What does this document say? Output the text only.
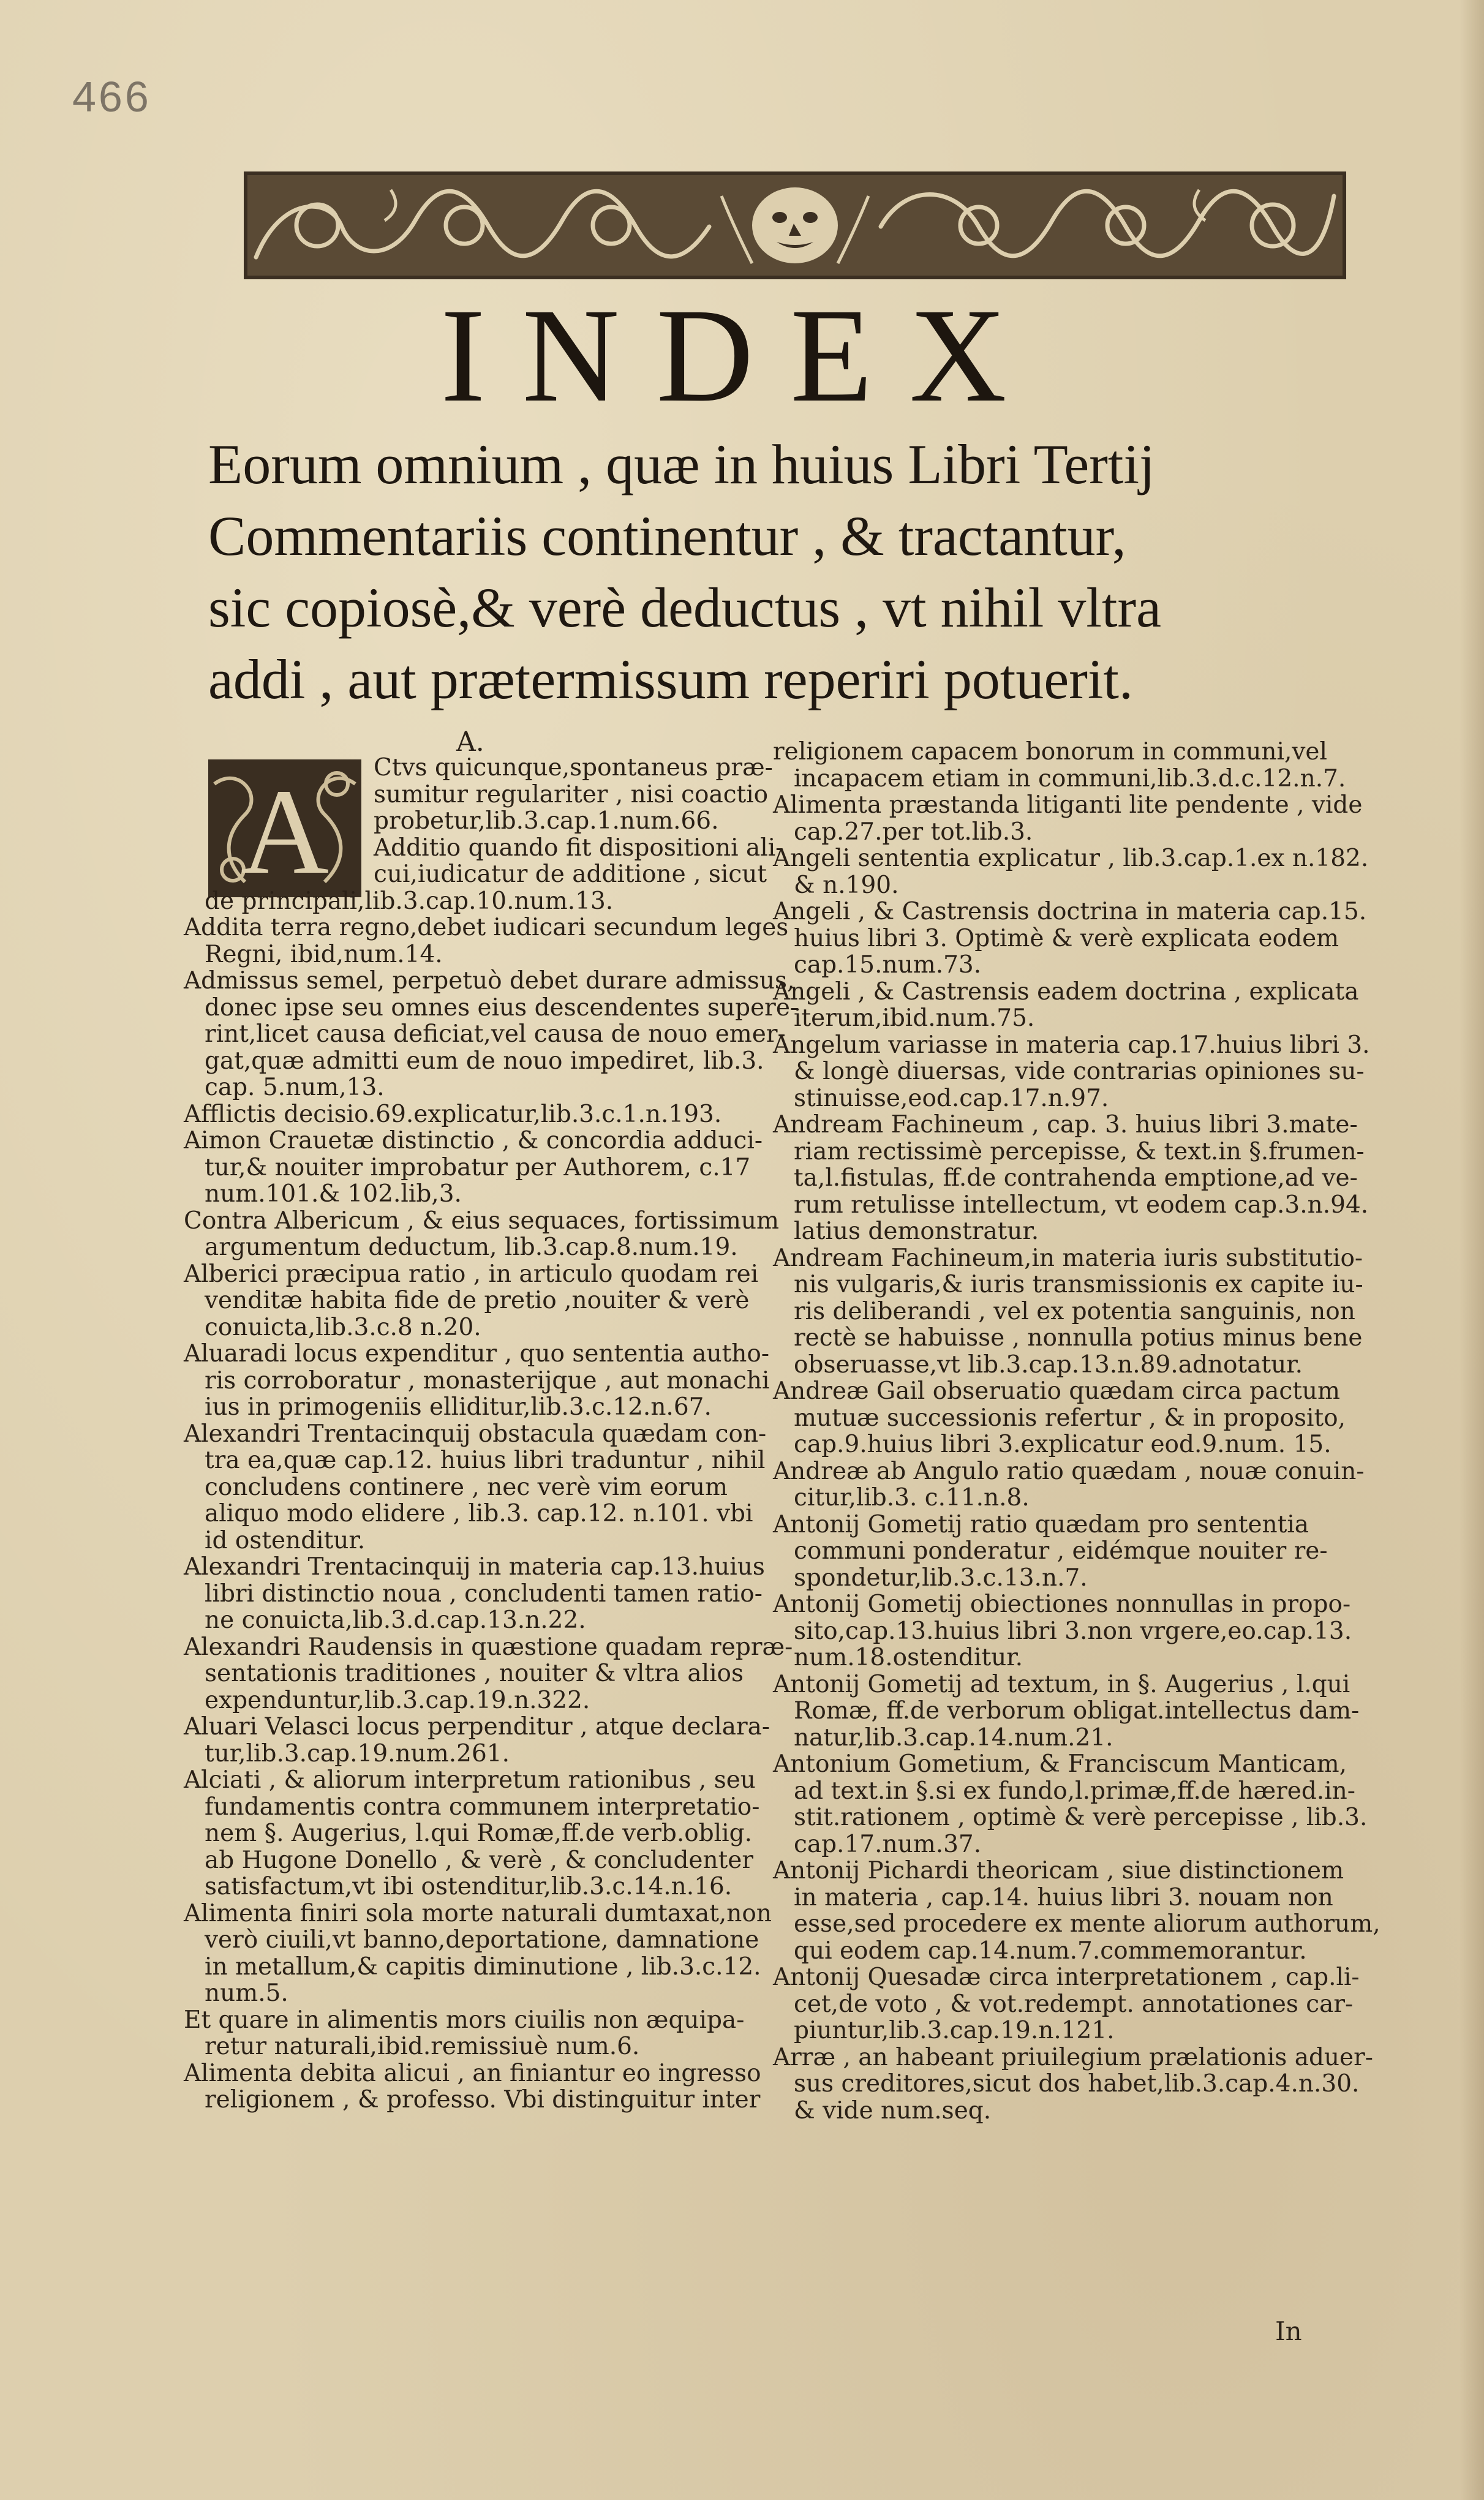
466
INDEX
Eorum omnium , quæ in huius Libri Tertij
Commentariis continentur , & tractantur,
sic copiosè,& verè deductus , vt nihil vltra
addi , aut prætermissum reperiri potuerit.
A.
A	Ctvs quicunque,spontaneus præ-
sumitur regulariter , nisi coactio
probetur,lib.3.cap.1.num.66.
Additio quando fit dispositioni ali-
cui,iudicatur de additione , sicut
de principali,lib.3.cap.10.num.13.
Addita terra regno,debet iudicari secundum leges
Regni, ibid,num.14.
Admissus semel, perpetuò debet durare admissus,
donec ipse seu omnes eius descendentes supere-
rint,licet causa deficiat,vel causa de nouo emer-
gat,quæ admitti eum de nouo impediret, lib.3.
cap. 5.num,13.
Afflictis decisio.69.explicatur,lib.3.c.1.n.193.
Aimon Crauetæ distinctio , & concordia adduci-
tur,& nouiter improbatur per Authorem, c.17
num.101.& 102.lib,3.
Contra Albericum , & eius sequaces, fortissimum
argumentum deductum, lib.3.cap.8.num.19.
Alberici præcipua ratio , in articulo quodam rei
venditæ habita fide de pretio ,nouiter & verè
conuicta,lib.3.c.8 n.20.
Aluaradi locus expenditur , quo sententia autho-
ris corroboratur , monasterijque , aut monachi
ius in primogeniis elliditur,lib.3.c.12.n.67.
Alexandri Trentacinquij obstacula quædam con-
tra ea,quæ cap.12. huius libri traduntur , nihil
concludens continere , nec verè vim eorum
aliquo modo elidere , lib.3. cap.12. n.101. vbi
id ostenditur.
Alexandri Trentacinquij in materia cap.13.huius
libri distinctio noua , concludenti tamen ratio-
ne conuicta,lib.3.d.cap.13.n.22.
Alexandri Raudensis in quæstione quadam repræ-
sentationis traditiones , nouiter & vltra alios
expenduntur,lib.3.cap.19.n.322.
Aluari Velasci locus perpenditur , atque declara-
tur,lib.3.cap.19.num.261.
Alciati , & aliorum interpretum rationibus , seu
fundamentis contra communem interpretatio-
nem §. Augerius, l.qui Romæ,ff.de verb.oblig.
ab Hugone Donello , & verè , & concludenter
satisfactum,vt ibi ostenditur,lib.3.c.14.n.16.
Alimenta finiri sola morte naturali dumtaxat,non
verò ciuili,vt banno,deportatione, damnatione
in metallum,& capitis diminutione , lib.3.c.12.
num.5.
Et quare in alimentis mors ciuilis non æquipa-
retur naturali,ibid.remissiuè num.6.
Alimenta debita alicui , an finiantur eo ingresso
religionem , & professo. Vbi distinguitur inter
religionem capacem bonorum in communi,vel
incapacem etiam in communi,lib.3.d.c.12.n.7.
Alimenta præstanda litiganti lite pendente , vide
cap.27.per tot.lib.3.
Angeli sententia explicatur , lib.3.cap.1.ex n.182.
& n.190.
Angeli , & Castrensis doctrina in materia cap.15.
huius libri 3. Optimè & verè explicata eodem
cap.15.num.73.
Angeli , & Castrensis eadem doctrina , explicata
iterum,ibid.num.75.
Angelum variasse in materia cap.17.huius libri 3.
& longè diuersas, vide contrarias opiniones su-
stinuisse,eod.cap.17.n.97.
Andream Fachineum , cap. 3. huius libri 3.mate-
riam rectissimè percepisse, & text.in §.frumen-
ta,l.fistulas, ff.de contrahenda emptione,ad ve-
rum retulisse intellectum, vt eodem cap.3.n.94.
latius demonstratur.
Andream Fachineum,in materia iuris substitutio-
nis vulgaris,& iuris transmissionis ex capite iu-
ris deliberandi , vel ex potentia sanguinis, non
rectè se habuisse , nonnulla potius minus bene
obseruasse,vt lib.3.cap.13.n.89.adnotatur.
Andreæ Gail obseruatio quædam circa pactum
mutuæ successionis refertur , & in proposito,
cap.9.huius libri 3.explicatur eod.9.num. 15.
Andreæ ab Angulo ratio quædam , nouæ conuin-
citur,lib.3. c.11.n.8.
Antonij Gometij ratio quædam pro sententia
communi ponderatur , eidémque nouiter re-
spondetur,lib.3.c.13.n.7.
Antonij Gometij obiectiones nonnullas in propo-
sito,cap.13.huius libri 3.non vrgere,eo.cap.13.
num.18.ostenditur.
Antonij Gometij ad textum, in §. Augerius , l.qui
Romæ, ff.de verborum obligat.intellectus dam-
natur,lib.3.cap.14.num.21.
Antonium Gometium, & Franciscum Manticam,
ad text.in §.si ex fundo,l.primæ,ff.de hæred.in-
stit.rationem , optimè & verè percepisse , lib.3.
cap.17.num.37.
Antonij Pichardi theoricam , siue distinctionem
in materia , cap.14. huius libri 3. nouam non
esse,sed procedere ex mente aliorum authorum,
qui eodem cap.14.num.7.commemorantur.
Antonij Quesadæ circa interpretationem , cap.li-
cet,de voto , & vot.redempt. annotationes car-
piuntur,lib.3.cap.19.n.121.
Arræ , an habeant priuilegium prælationis aduer-
sus creditores,sicut dos habet,lib.3.cap.4.n.30.
& vide num.seq.
In
